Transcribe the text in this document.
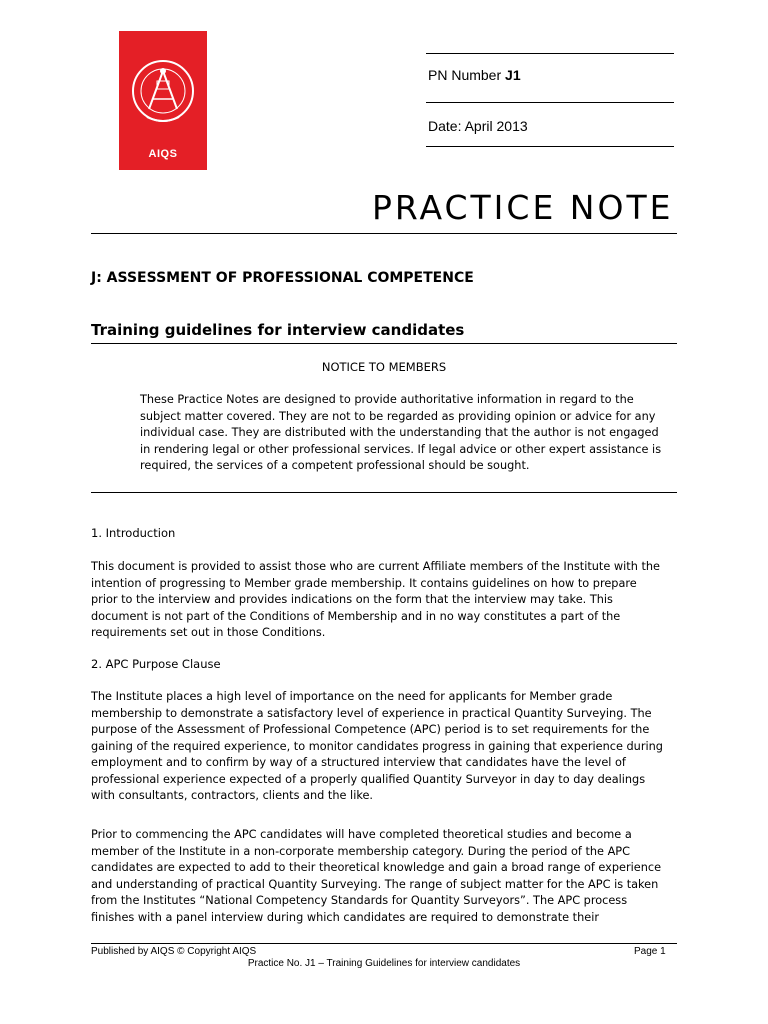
AIQS
PN Number J1
Date: April 2013
PRACTICE NOTE
J: ASSESSMENT OF PROFESSIONAL COMPETENCE
Training guidelines for interview candidates
NOTICE TO MEMBERS
These Practice Notes are designed to provide authoritative information in regard to the
subject matter covered. They are not to be regarded as providing opinion or advice for any
individual case. They are distributed with the understanding that the author is not engaged
in rendering legal or other professional services. If legal advice or other expert assistance is
required, the services of a competent professional should be sought.
1. Introduction
This document is provided to assist those who are current Affiliate members of the Institute with the
intention of progressing to Member grade membership. It contains guidelines on how to prepare
prior to the interview and provides indications on the form that the interview may take. This
document is not part of the Conditions of Membership and in no way constitutes a part of the
requirements set out in those Conditions.
2. APC Purpose Clause
The Institute places a high level of importance on the need for applicants for Member grade
membership to demonstrate a satisfactory level of experience in practical Quantity Surveying. The
purpose of the Assessment of Professional Competence (APC) period is to set requirements for the
gaining of the required experience, to monitor candidates progress in gaining that experience during
employment and to confirm by way of a structured interview that candidates have the level of
professional experience expected of a properly qualified Quantity Surveyor in day to day dealings
with consultants, contractors, clients and the like.
Prior to commencing the APC candidates will have completed theoretical studies and become a
member of the Institute in a non-corporate membership category. During the period of the APC
candidates are expected to add to their theoretical knowledge and gain a broad range of experience
and understanding of practical Quantity Surveying. The range of subject matter for the APC is taken
from the Institutes “National Competency Standards for Quantity Surveyors”. The APC process
finishes with a panel interview during which candidates are required to demonstrate their
Published by AIQS © Copyright AIQS	Page 1
Practice No. J1 – Training Guidelines for interview candidates
